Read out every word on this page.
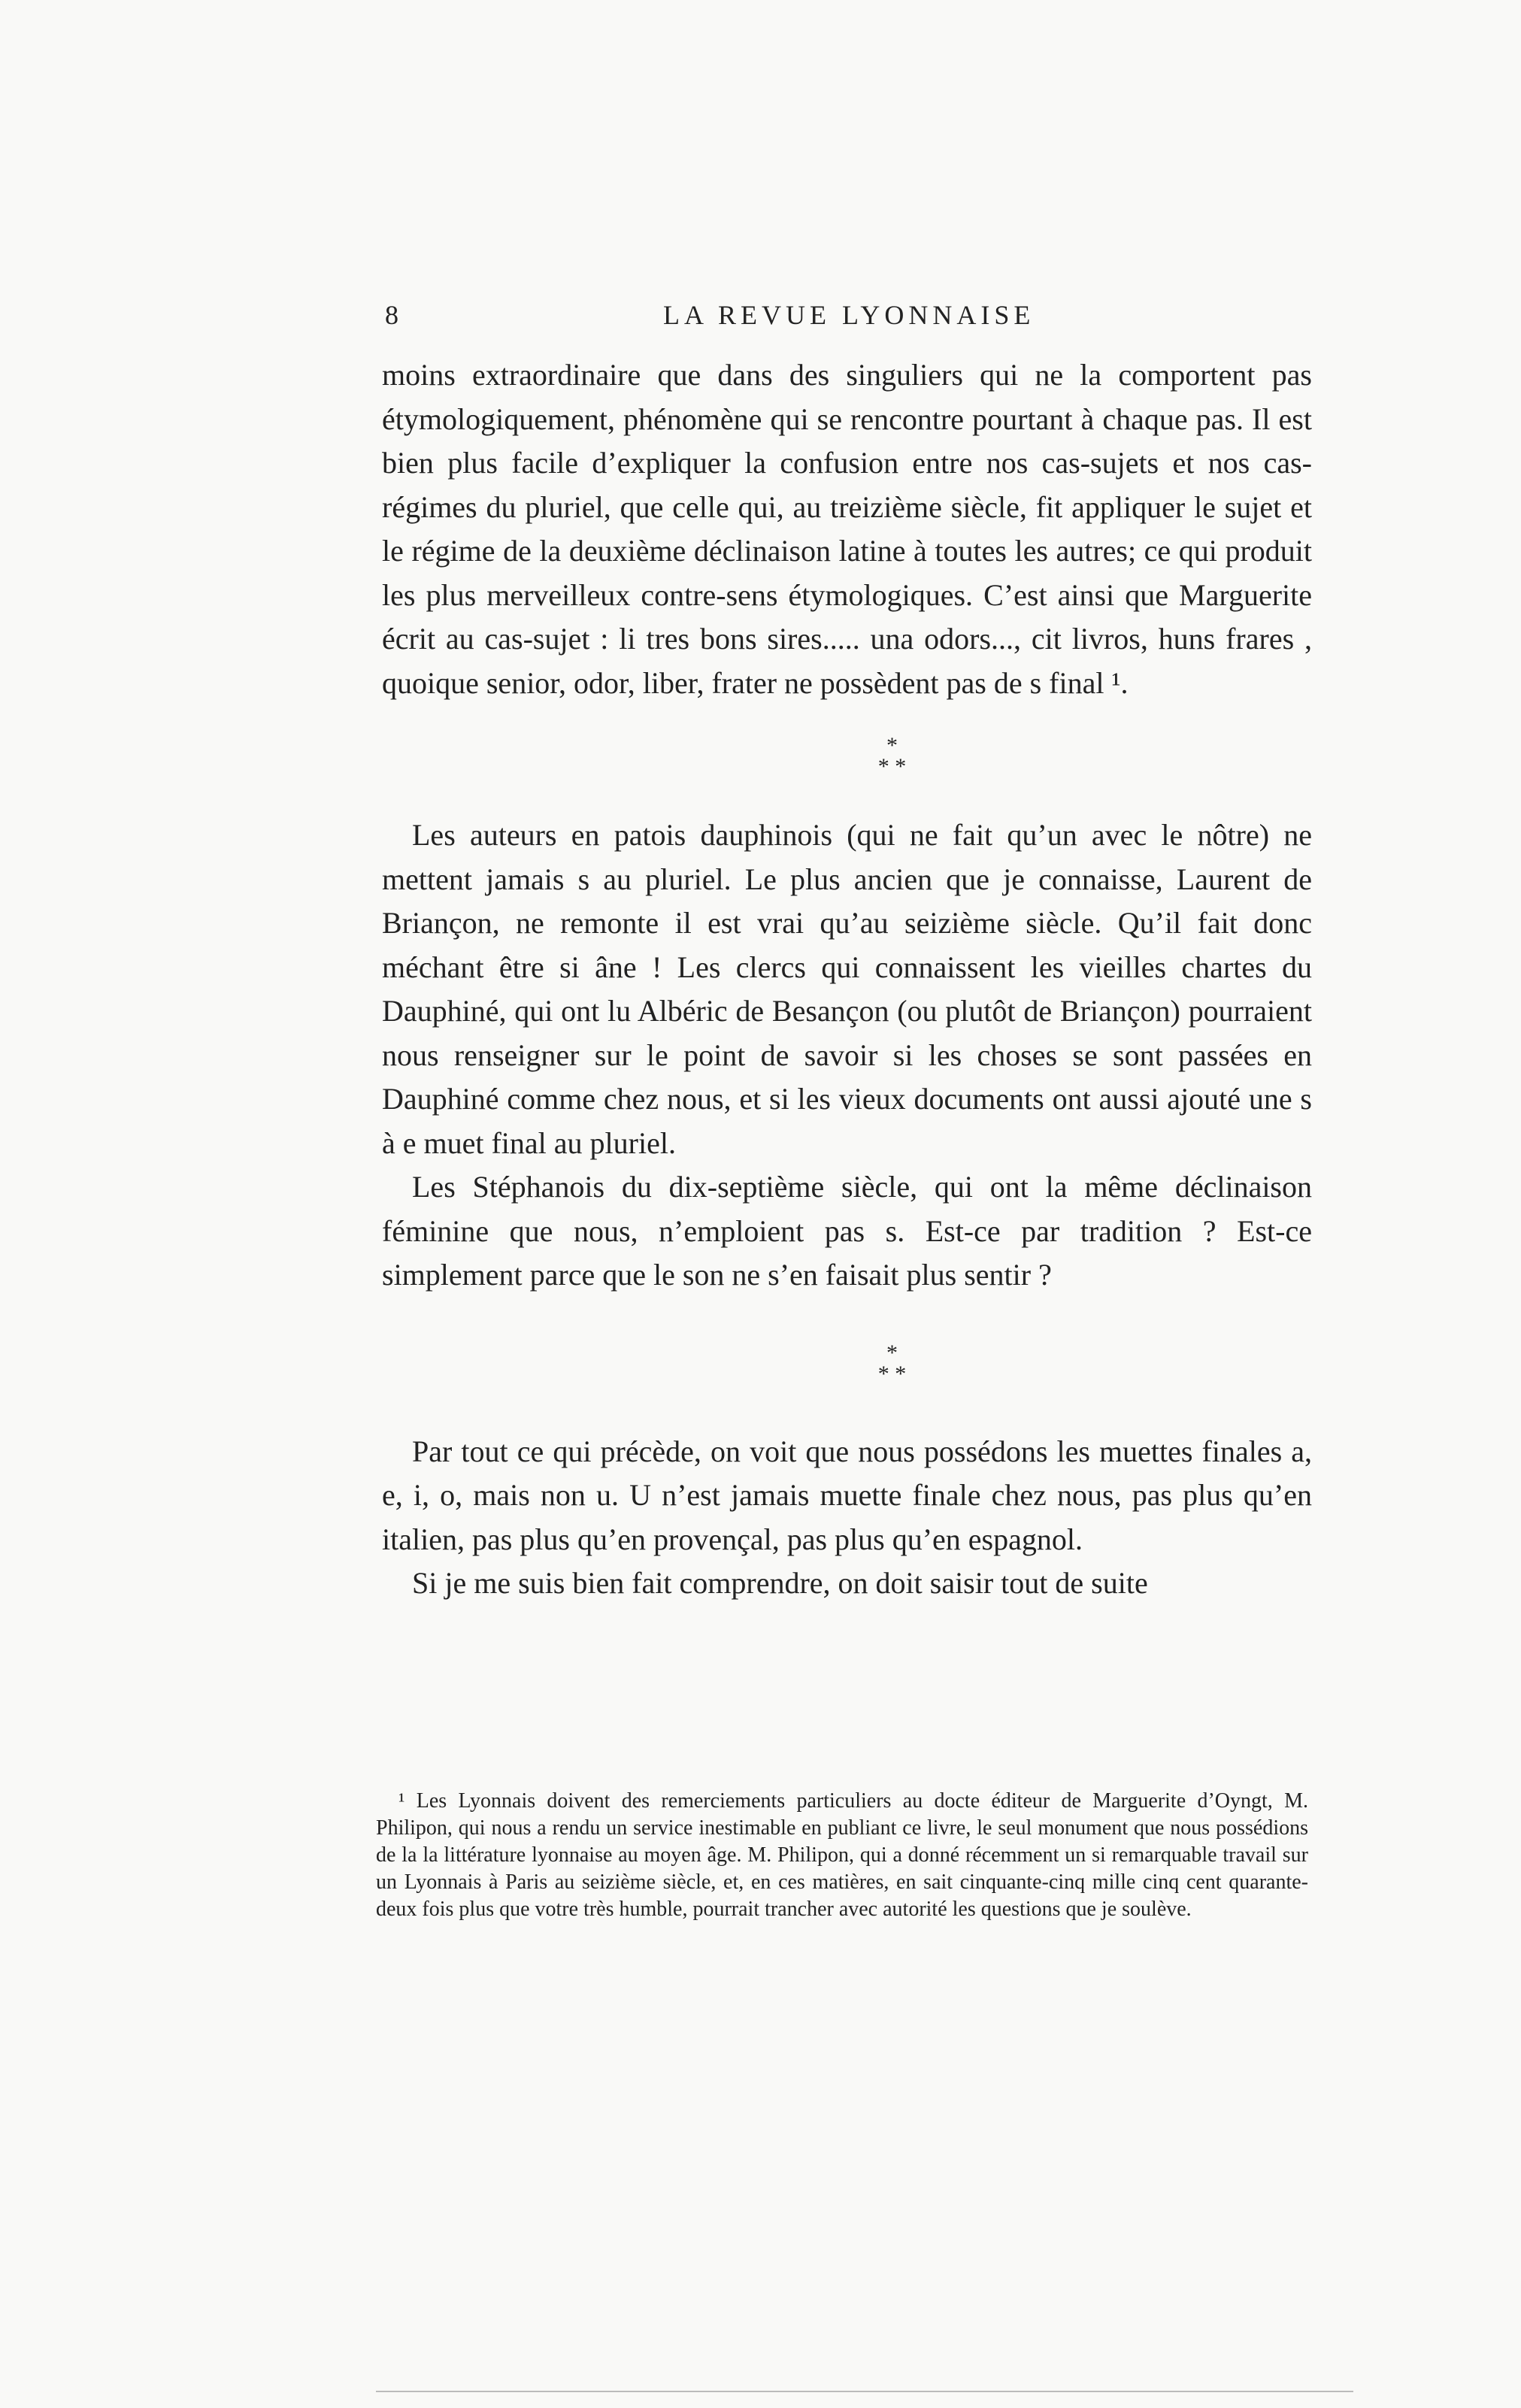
8	LA REVUE LYONNAISE

moins extraordinaire que dans des singuliers qui ne la comportent pas étymologiquement, phénomène qui se rencontre pourtant à chaque pas. Il est bien plus facile d’expliquer la confusion entre nos cas-sujets et nos cas-régimes du pluriel, que celle qui, au treizième siècle, fit appliquer le sujet et le régime de la deuxième déclinaison latine à toutes les autres; ce qui produit les plus merveilleux contre-sens étymologiques. C’est ainsi que Marguerite écrit au cas-sujet : li tres bons sires..... una odors..., cit livros, huns frares , quoique senior, odor, liber, frater ne possèdent pas de s final ¹.

*
* *

Les auteurs en patois dauphinois (qui ne fait qu’un avec le nôtre) ne mettent jamais s au pluriel. Le plus ancien que je connaisse, Laurent de Briançon, ne remonte il est vrai qu’au seizième siècle. Qu’il fait donc méchant être si âne ! Les clercs qui connaissent les vieilles chartes du Dauphiné, qui ont lu Albéric de Besançon (ou plutôt de Briançon) pourraient nous renseigner sur le point de savoir si les choses se sont passées en Dauphiné comme chez nous, et si les vieux documents ont aussi ajouté une s à e muet final au pluriel.

Les Stéphanois du dix-septième siècle, qui ont la même déclinaison féminine que nous, n’emploient pas s. Est-ce par tradition ? Est-ce simplement parce que le son ne s’en faisait plus sentir ?

*
* *

Par tout ce qui précède, on voit que nous possédons les muettes finales a, e, i, o, mais non u. U n’est jamais muette finale chez nous, pas plus qu’en italien, pas plus qu’en provençal, pas plus qu’en espagnol.

Si je me suis bien fait comprendre, on doit saisir tout de suite

¹ Les Lyonnais doivent des remerciements particuliers au docte éditeur de Marguerite d’Oyngt, M. Philipon, qui nous a rendu un service inestimable en publiant ce livre, le seul monument que nous possédions de la la littérature lyonnaise au moyen âge. M. Philipon, qui a donné récemment un si remarquable travail sur un Lyonnais à Paris au seizième siècle, et, en ces matières, en sait cinquante-cinq mille cinq cent quarante-deux fois plus que votre très humble, pourrait trancher avec autorité les questions que je soulève.
